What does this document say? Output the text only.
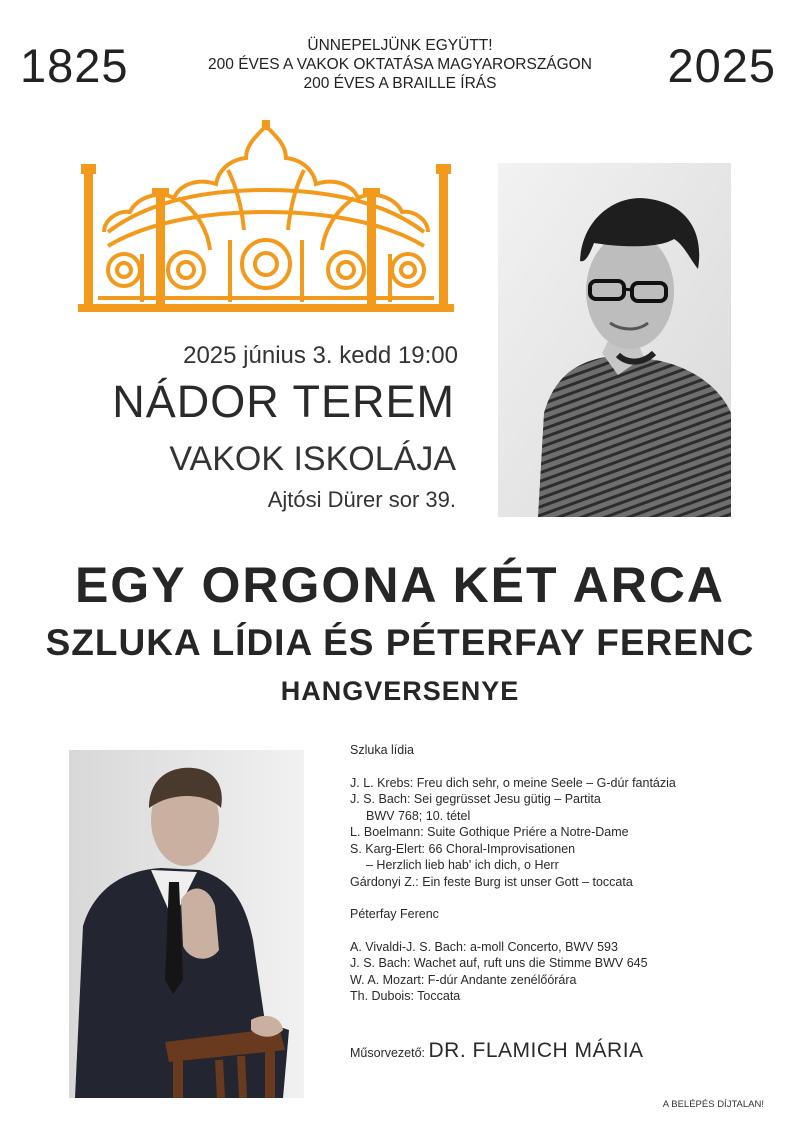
1825	2025
ÜNNEPELJÜNK EGYÜTT!
200 ÉVES A VAKOK OKTATÁSA MAGYARORSZÁGON
200 ÉVES A BRAILLE ÍRÁS
2025 június 3. kedd 19:00
NÁDOR TEREM
VAKOK ISKOLÁJA
Ajtósi Dürer sor 39.
EGY ORGONA KÉT ARCA
SZLUKA LÍDIA ÉS PÉTERFAY FERENC
HANGVERSENYE
Szluka lídia
J. L. Krebs: Freu dich sehr, o meine Seele – G-dúr fantázia
J. S. Bach: Sei gegrüsset Jesu gütig – Partita
BWV 768; 10. tétel
L. Boelmann: Suite Gothique Priére a Notre-Dame
S. Karg-Elert: 66 Choral-Improvisationen
– Herzlich lieb hab' ich dich, o Herr
Gárdonyi Z.: Ein feste Burg ist unser Gott – toccata
Péterfay Ferenc
A. Vivaldi-J. S. Bach: a-moll Concerto, BWV 593
J. S. Bach: Wachet auf, ruft uns die Stimme BWV 645
W. A. Mozart: F-dúr Andante zenélőórára
Th. Dubois: Toccata
Műsorvezető: DR. FLAMICH MÁRIA
A BELÉPÉS DÍJTALAN!
